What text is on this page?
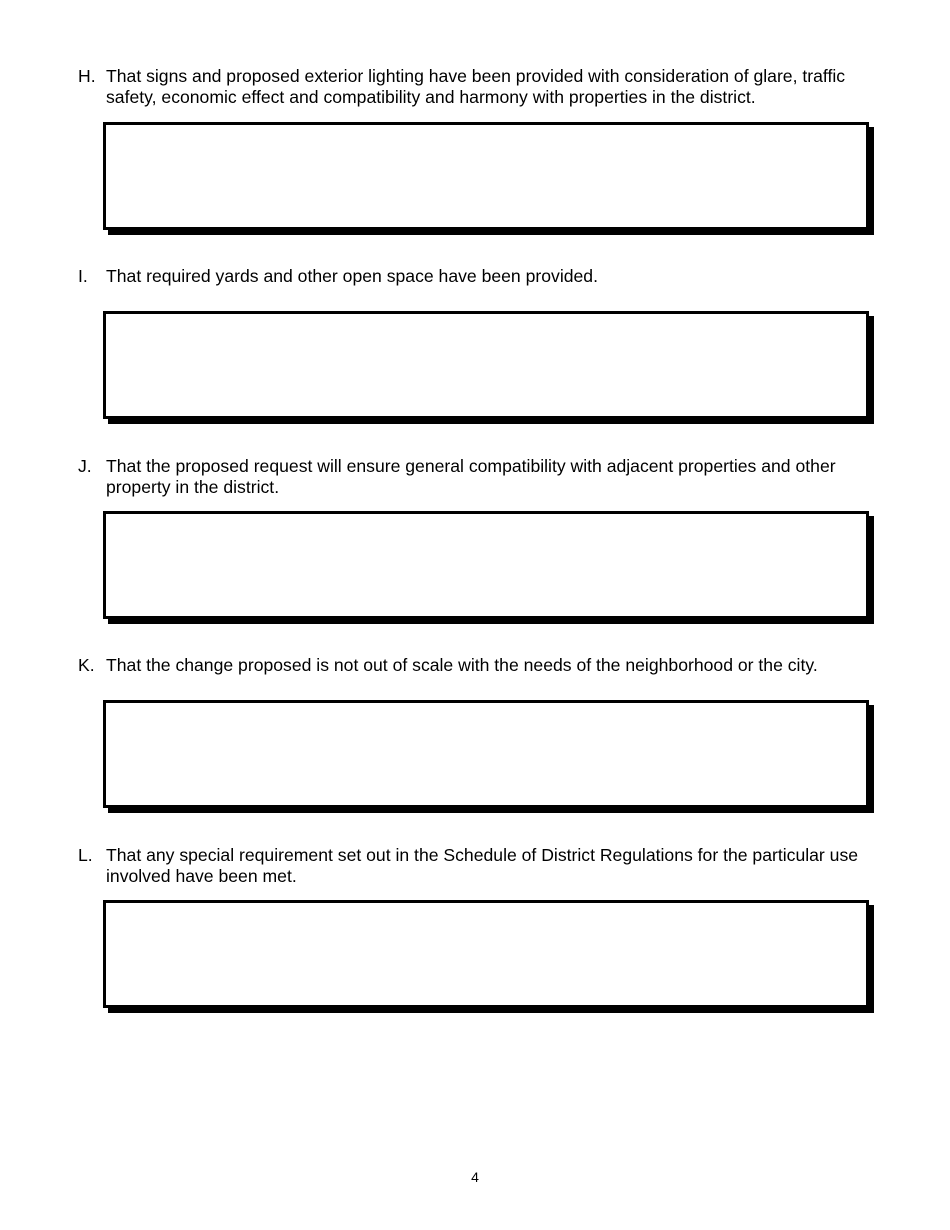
H. That signs and proposed exterior lighting have been provided with consideration of glare, traffic safety, economic effect and compatibility and harmony with properties in the district.
I. That required yards and other open space have been provided.
J. That the proposed request will ensure general compatibility with adjacent properties and other property in the district.
K. That the change proposed is not out of scale with the needs of the neighborhood or the city.
L. That any special requirement set out in the Schedule of District Regulations for the particular use involved have been met.
4
